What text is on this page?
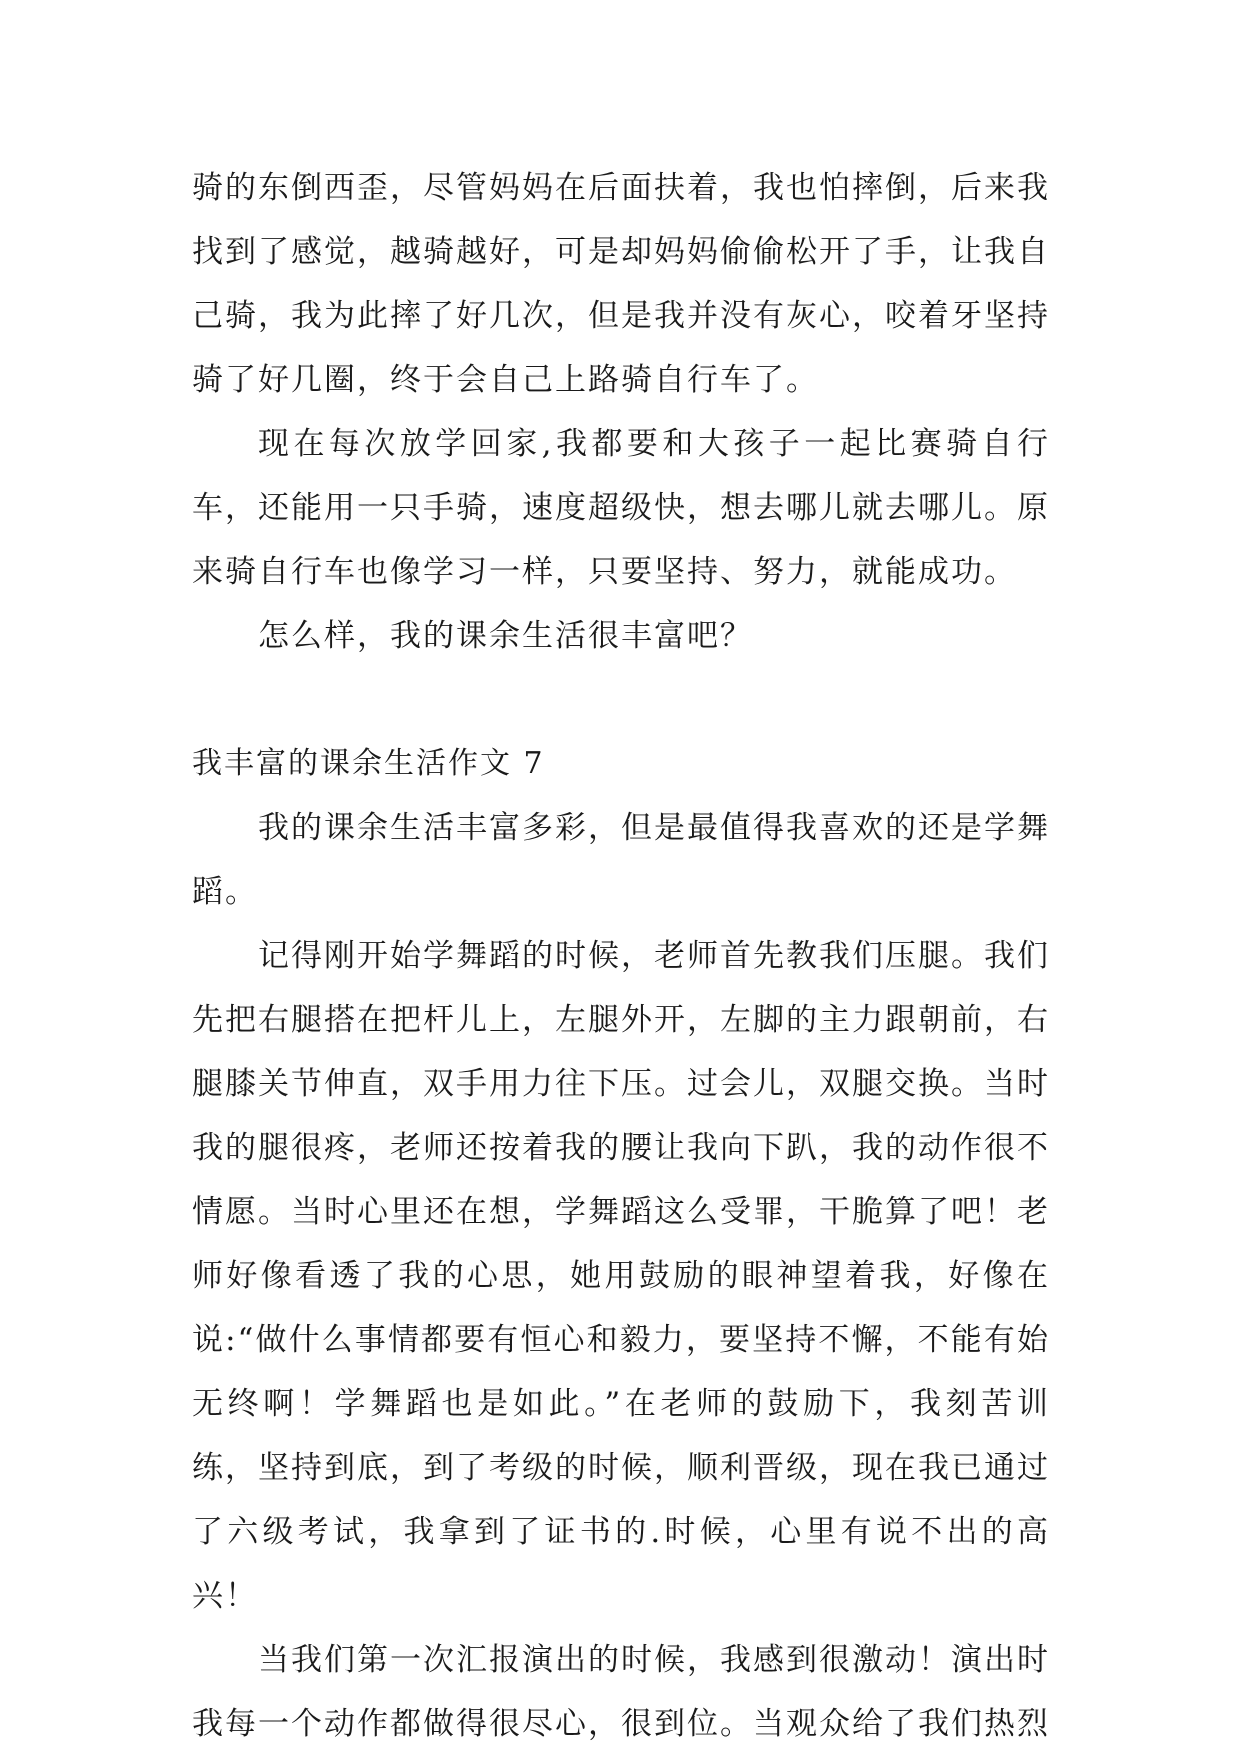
骑的东倒西歪，尽管妈妈在后面扶着，我也怕摔倒，后来我找到了感觉，越骑越好，可是却妈妈偷偷松开了手，让我自己骑，我为此摔了好几次，但是我并没有灰心，咬着牙坚持骑了好几圈，终于会自己上路骑自行车了。

现在每次放学回家,我都要和大孩子一起比赛骑自行车，还能用一只手骑，速度超级快，想去哪儿就去哪儿。原来骑自行车也像学习一样，只要坚持、努力，就能成功。

怎么样，我的课余生活很丰富吧？

我丰富的课余生活作文 7

我的课余生活丰富多彩，但是最值得我喜欢的还是学舞蹈。

记得刚开始学舞蹈的时候，老师首先教我们压腿。我们先把右腿搭在把杆儿上，左腿外开，左脚的主力跟朝前，右腿膝关节伸直，双手用力往下压。过会儿，双腿交换。当时我的腿很疼，老师还按着我的腰让我向下趴，我的动作很不情愿。当时心里还在想，学舞蹈这么受罪，干脆算了吧！老师好像看透了我的心思，她用鼓励的眼神望着我，好像在说:“做什么事情都要有恒心和毅力，要坚持不懈，不能有始无终啊！学舞蹈也是如此。”在老师的鼓励下，我刻苦训练，坚持到底，到了考级的时候，顺利晋级，现在我已通过了六级考试，我拿到了证书的.时候，心里有说不出的高兴！

当我们第一次汇报演出的时候，我感到很激动！演出时我每一个动作都做得很尽心，很到位。当观众给了我们热烈
